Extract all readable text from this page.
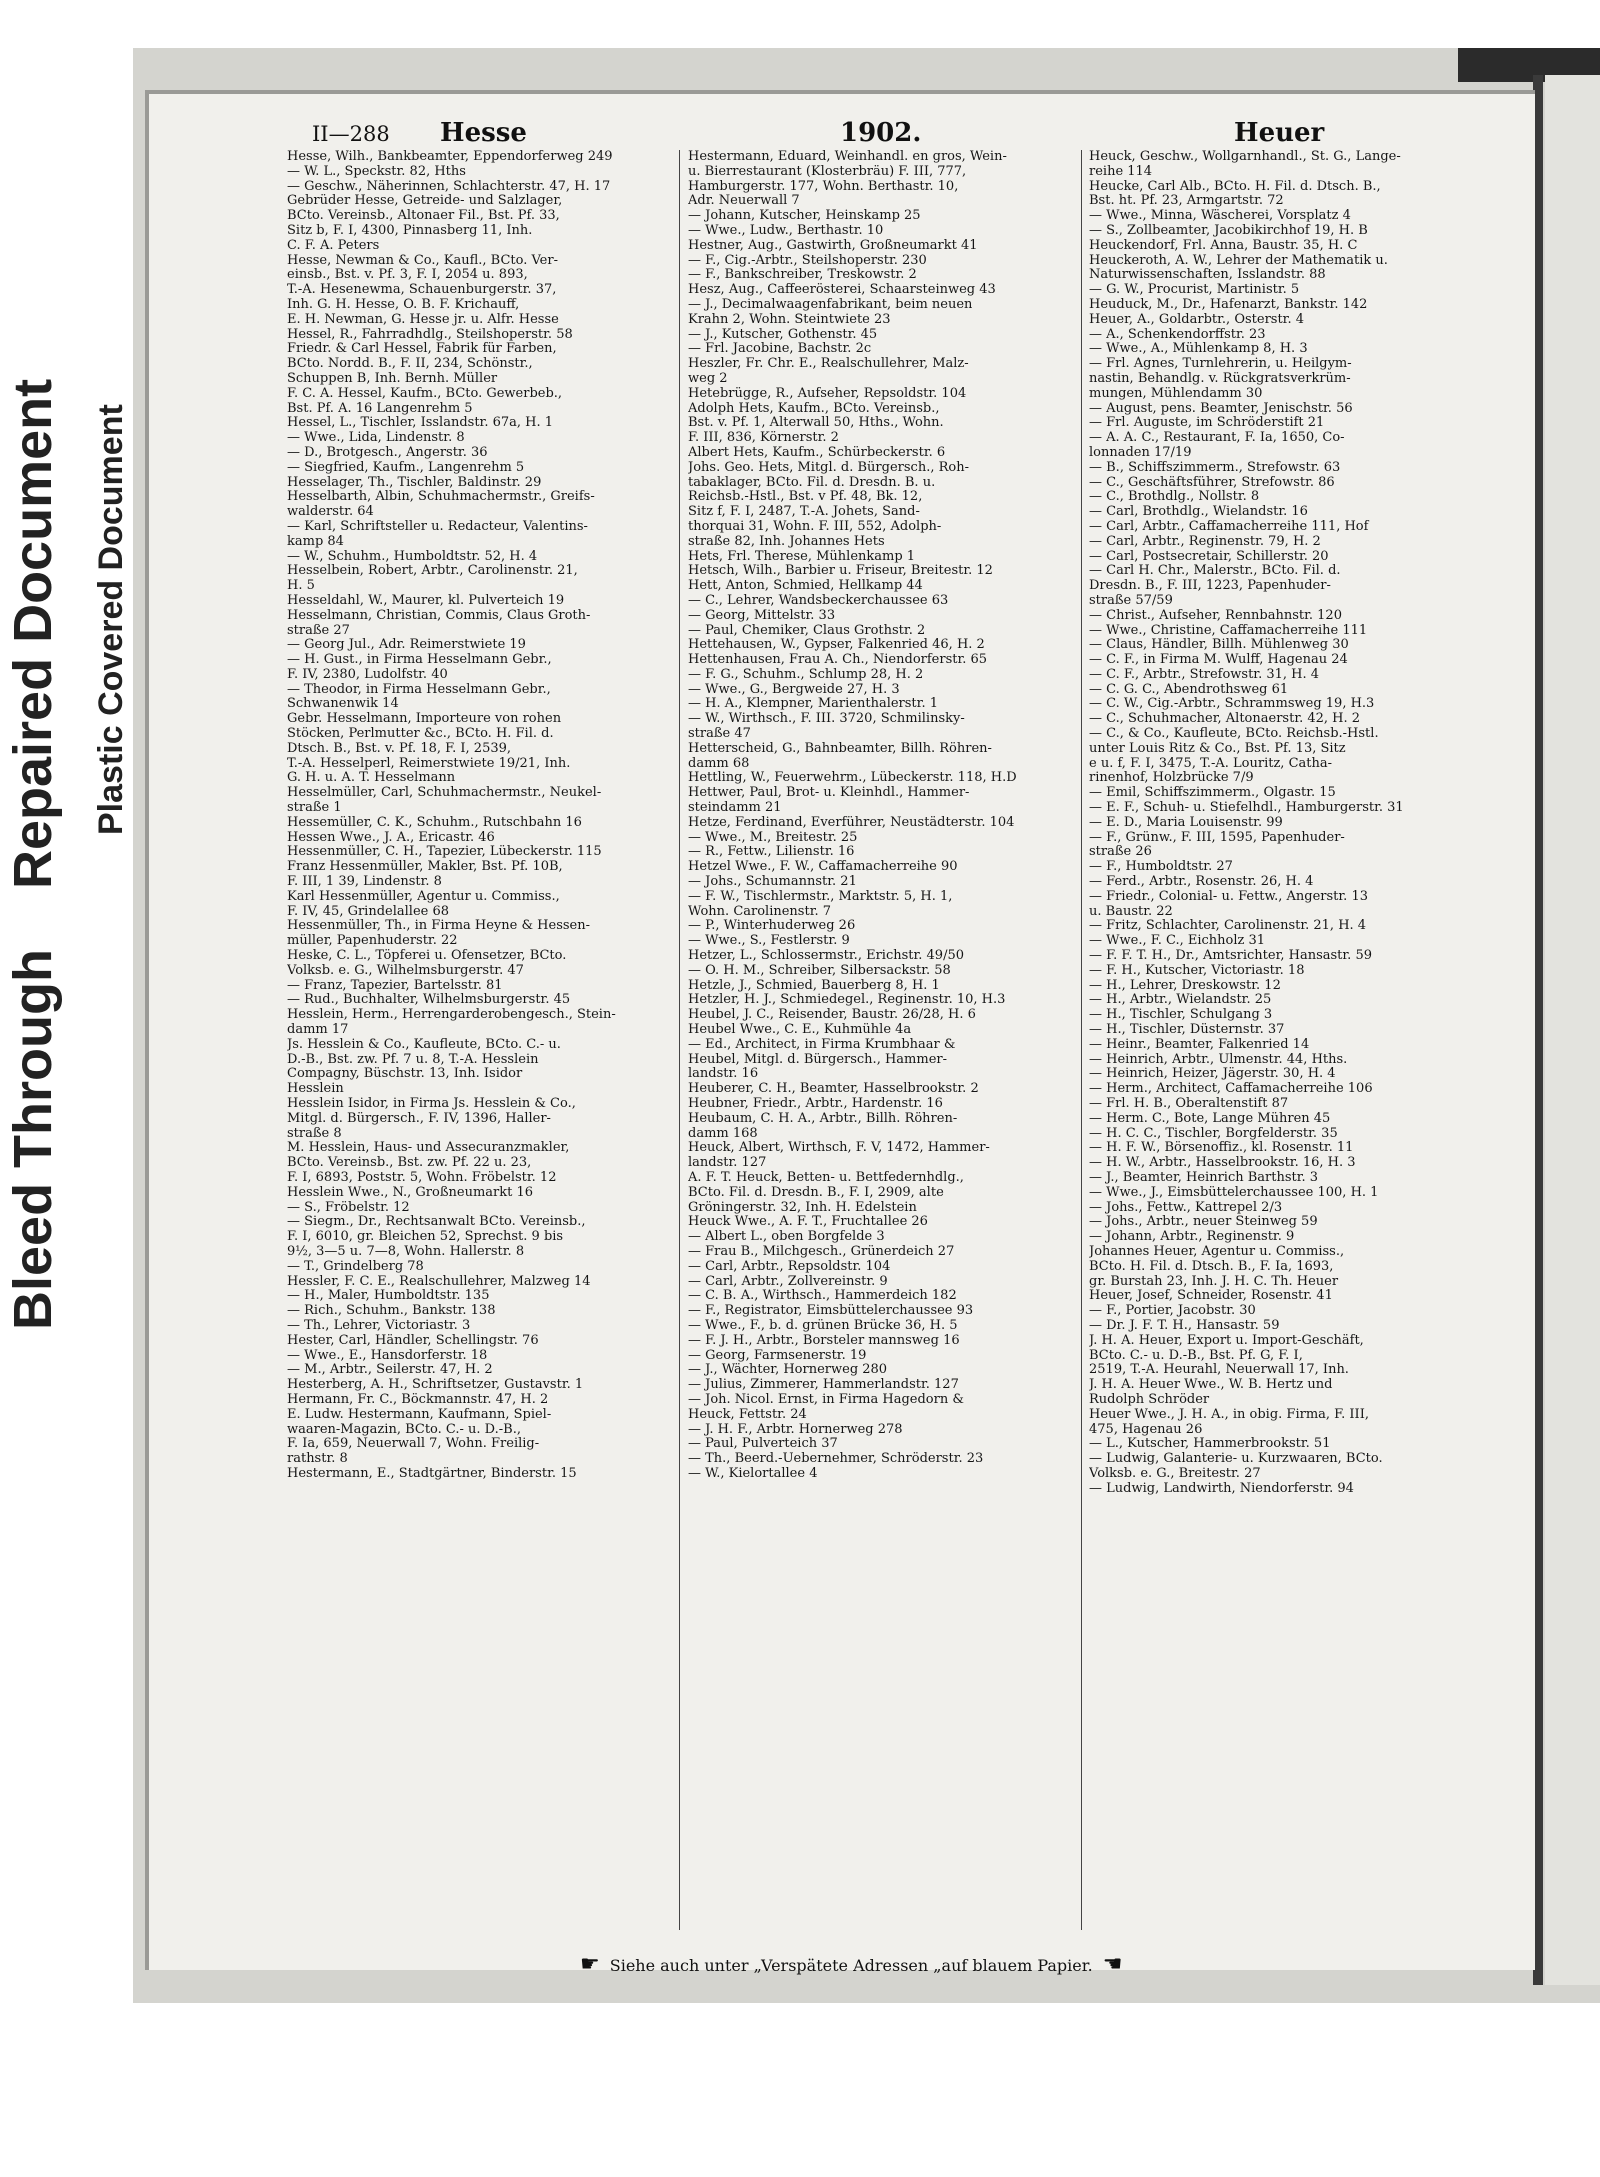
Bleed ThroughRepaired Document Plastic Covered Document
II—288 Hesse	1902.	Heuer
Hesse, Wilh., Bankbeamter, Eppendorferweg 249
— W. L., Speckstr. 82, Hths
— Geschw., Näherinnen, Schlachterstr. 47, H. 17
Gebrüder Hesse, Getreide- und Salzlager,
BCto. Vereinsb., Altonaer Fil., Bst. Pf. 33,
Sitz b, F. I, 4300, Pinnasberg 11, Inh.
C. F. A. Peters
Hesse, Newman & Co., Kaufl., BCto. Ver-
einsb., Bst. v. Pf. 3, F. I, 2054 u. 893,
T.-A. Hesenewma, Schauenburgerstr. 37,
Inh. G. H. Hesse, O. B. F. Krichauff,
E. H. Newman, G. Hesse jr. u. Alfr. Hesse
Hessel, R., Fahrradhdlg., Steilshoperstr. 58
Friedr. & Carl Hessel, Fabrik für Farben,
BCto. Nordd. B., F. II, 234, Schönstr.,
Schuppen B, Inh. Bernh. Müller
F. C. A. Hessel, Kaufm., BCto. Gewerbeb.,
Bst. Pf. A. 16 Langenrehm 5
Hessel, L., Tischler, Isslandstr. 67a, H. 1
— Wwe., Lida, Lindenstr. 8
— D., Brotgesch., Angerstr. 36
— Siegfried, Kaufm., Langenrehm 5
Hesselager, Th., Tischler, Baldinstr. 29
Hesselbarth, Albin, Schuhmachermstr., Greifs-
walderstr. 64
— Karl, Schriftsteller u. Redacteur, Valentins-
kamp 84
— W., Schuhm., Humboldtstr. 52, H. 4
Hesselbein, Robert, Arbtr., Carolinenstr. 21,
H. 5
Hesseldahl, W., Maurer, kl. Pulverteich 19
Hesselmann, Christian, Commis, Claus Groth-
straße 27
— Georg Jul., Adr. Reimerstwiete 19
— H. Gust., in Firma Hesselmann Gebr.,
F. IV, 2380, Ludolfstr. 40
— Theodor, in Firma Hesselmann Gebr.,
Schwanenwik 14
Gebr. Hesselmann, Importeure von rohen
Stöcken, Perlmutter &c., BCto. H. Fil. d.
Dtsch. B., Bst. v. Pf. 18, F. I, 2539,
T.-A. Hesselperl, Reimerstwiete 19/21, Inh.
G. H. u. A. T. Hesselmann
Hesselmüller, Carl, Schuhmachermstr., Neukel-
straße 1
Hessemüller, C. K., Schuhm., Rutschbahn 16
Hessen Wwe., J. A., Ericastr. 46
Hessenmüller, C. H., Tapezier, Lübeckerstr. 115
Franz Hessenmüller, Makler, Bst. Pf. 10B,
F. III, 1 39, Lindenstr. 8
Karl Hessenmüller, Agentur u. Commiss.,
F. IV, 45, Grindelallee 68
Hessenmüller, Th., in Firma Heyne & Hessen-
müller, Papenhuderstr. 22
Heske, C. L., Töpferei u. Ofensetzer, BCto.
Volksb. e. G., Wilhelmsburgerstr. 47
— Franz, Tapezier, Bartelsstr. 81
— Rud., Buchhalter, Wilhelmsburgerstr. 45
Hesslein, Herm., Herrengarderobengesch., Stein-
damm 17
Js. Hesslein & Co., Kaufleute, BCto. C.- u.
D.-B., Bst. zw. Pf. 7 u. 8, T.-A. Hesslein
Compagny, Büschstr. 13, Inh. Isidor
Hesslein
Hesslein Isidor, in Firma Js. Hesslein & Co.,
Mitgl. d. Bürgersch., F. IV, 1396, Haller-
straße 8
M. Hesslein, Haus- und Assecuranzmakler,
BCto. Vereinsb., Bst. zw. Pf. 22 u. 23,
F. I, 6893, Poststr. 5, Wohn. Fröbelstr. 12
Hesslein Wwe., N., Großneumarkt 16
— S., Fröbelstr. 12
— Siegm., Dr., Rechtsanwalt BCto. Vereinsb.,
F. I, 6010, gr. Bleichen 52, Sprechst. 9 bis
9½, 3—5 u. 7—8, Wohn. Hallerstr. 8
— T., Grindelberg 78
Hessler, F. C. E., Realschullehrer, Malzweg 14
— H., Maler, Humboldtstr. 135
— Rich., Schuhm., Bankstr. 138
— Th., Lehrer, Victoriastr. 3
Hester, Carl, Händler, Schellingstr. 76
— Wwe., E., Hansdorferstr. 18
— M., Arbtr., Seilerstr. 47, H. 2
Hesterberg, A. H., Schriftsetzer, Gustavstr. 1
Hermann, Fr. C., Böckmannstr. 47, H. 2
E. Ludw. Hestermann, Kaufmann, Spiel-
waaren-Magazin, BCto. C.- u. D.-B.,
F. Ia, 659, Neuerwall 7, Wohn. Freilig-
rathstr. 8
Hestermann, E., Stadtgärtner, Binderstr. 15
Hestermann, Eduard, Weinhandl. en gros, Wein-
u. Bierrestaurant (Klosterbräu) F. III, 777,
Hamburgerstr. 177, Wohn. Berthastr. 10,
Adr. Neuerwall 7
— Johann, Kutscher, Heinskamp 25
— Wwe., Ludw., Berthastr. 10
Hestner, Aug., Gastwirth, Großneumarkt 41
— F., Cig.-Arbtr., Steilshoperstr. 230
— F., Bankschreiber, Treskowstr. 2
Hesz, Aug., Caffeerösterei, Schaarsteinweg 43
— J., Decimalwaagenfabrikant, beim neuen
Krahn 2, Wohn. Steintwiete 23
— J., Kutscher, Gothenstr. 45
— Frl. Jacobine, Bachstr. 2c
Heszler, Fr. Chr. E., Realschullehrer, Malz-
weg 2
Hetebrügge, R., Aufseher, Repsoldstr. 104
Adolph Hets, Kaufm., BCto. Vereinsb.,
Bst. v. Pf. 1, Alterwall 50, Hths., Wohn.
F. III, 836, Körnerstr. 2
Albert Hets, Kaufm., Schürbeckerstr. 6
Johs. Geo. Hets, Mitgl. d. Bürgersch., Roh-
tabaklager, BCto. Fil. d. Dresdn. B. u.
Reichsb.-Hstl., Bst. v Pf. 48, Bk. 12,
Sitz f, F. I, 2487, T.-A. Johets, Sand-
thorquai 31, Wohn. F. III, 552, Adolph-
straße 82, Inh. Johannes Hets
Hets, Frl. Therese, Mühlenkamp 1
Hetsch, Wilh., Barbier u. Friseur, Breitestr. 12
Hett, Anton, Schmied, Hellkamp 44
— C., Lehrer, Wandsbeckerchaussee 63
— Georg, Mittelstr. 33
— Paul, Chemiker, Claus Grothstr. 2
Hettehausen, W., Gypser, Falkenried 46, H. 2
Hettenhausen, Frau A. Ch., Niendorferstr. 65
— F. G., Schuhm., Schlump 28, H. 2
— Wwe., G., Bergweide 27, H. 3
— H. A., Klempner, Marienthalerstr. 1
— W., Wirthsch., F. III. 3720, Schmilinsky-
straße 47
Hetterscheid, G., Bahnbeamter, Billh. Röhren-
damm 68
Hettling, W., Feuerwehrm., Lübeckerstr. 118, H.D
Hettwer, Paul, Brot- u. Kleinhdl., Hammer-
steindamm 21
Hetze, Ferdinand, Everführer, Neustädterstr. 104
— Wwe., M., Breitestr. 25
— R., Fettw., Lilienstr. 16
Hetzel Wwe., F. W., Caffamacherreihe 90
— Johs., Schumannstr. 21
— F. W., Tischlermstr., Marktstr. 5, H. 1,
Wohn. Carolinenstr. 7
— P., Winterhuderweg 26
— Wwe., S., Festlerstr. 9
Hetzer, L., Schlossermstr., Erichstr. 49/50
— O. H. M., Schreiber, Silbersackstr. 58
Hetzle, J., Schmied, Bauerberg 8, H. 1
Hetzler, H. J., Schmiedegel., Reginenstr. 10, H.3
Heubel, J. C., Reisender, Baustr. 26/28, H. 6
Heubel Wwe., C. E., Kuhmühle 4a
— Ed., Architect, in Firma Krumbhaar &
Heubel, Mitgl. d. Bürgersch., Hammer-
landstr. 16
Heuberer, C. H., Beamter, Hasselbrookstr. 2
Heubner, Friedr., Arbtr., Hardenstr. 16
Heubaum, C. H. A., Arbtr., Billh. Röhren-
damm 168
Heuck, Albert, Wirthsch, F. V, 1472, Hammer-
landstr. 127
A. F. T. Heuck, Betten- u. Bettfedernhdlg.,
BCto. Fil. d. Dresdn. B., F. I, 2909, alte
Gröningerstr. 32, Inh. H. Edelstein
Heuck Wwe., A. F. T., Fruchtallee 26
— Albert L., oben Borgfelde 3
— Frau B., Milchgesch., Grünerdeich 27
— Carl, Arbtr., Repsoldstr. 104
— Carl, Arbtr., Zollvereinstr. 9
— C. B. A., Wirthsch., Hammerdeich 182
— F., Registrator, Eimsbüttelerchaussee 93
— Wwe., F., b. d. grünen Brücke 36, H. 5
— F. J. H., Arbtr., Borsteler mannsweg 16
— Georg, Farmsenerstr. 19
— J., Wächter, Hornerweg 280
— Julius, Zimmerer, Hammerlandstr. 127
— Joh. Nicol. Ernst, in Firma Hagedorn &
Heuck, Fettstr. 24
— J. H. F., Arbtr. Hornerweg 278
— Paul, Pulverteich 37
— Th., Beerd.-Uebernehmer, Schröderstr. 23
— W., Kielortallee 4
Heuck, Geschw., Wollgarnhandl., St. G., Lange-
reihe 114
Heucke, Carl Alb., BCto. H. Fil. d. Dtsch. B.,
Bst. ht. Pf. 23, Armgartstr. 72
— Wwe., Minna, Wäscherei, Vorsplatz 4
— S., Zollbeamter, Jacobikirchhof 19, H. B
Heuckendorf, Frl. Anna, Baustr. 35, H. C
Heuckeroth, A. W., Lehrer der Mathematik u.
Naturwissenschaften, Isslandstr. 88
— G. W., Procurist, Martinistr. 5
Heuduck, M., Dr., Hafenarzt, Bankstr. 142
Heuer, A., Goldarbtr., Osterstr. 4
— A., Schenkendorffstr. 23
— Wwe., A., Mühlenkamp 8, H. 3
— Frl. Agnes, Turnlehrerin, u. Heilgym-
nastin, Behandlg. v. Rückgratsverkrüm-
mungen, Mühlendamm 30
— August, pens. Beamter, Jenischstr. 56
— Frl. Auguste, im Schröderstift 21
— A. A. C., Restaurant, F. Ia, 1650, Co-
lonnaden 17/19
— B., Schiffszimmerm., Strefowstr. 63
— C., Geschäftsführer, Strefowstr. 86
— C., Brothdlg., Nollstr. 8
— Carl, Brothdlg., Wielandstr. 16
— Carl, Arbtr., Caffamacherreihe 111, Hof
— Carl, Arbtr., Reginenstr. 79, H. 2
— Carl, Postsecretair, Schillerstr. 20
— Carl H. Chr., Malerstr., BCto. Fil. d.
Dresdn. B., F. III, 1223, Papenhuder-
straße 57/59
— Christ., Aufseher, Rennbahnstr. 120
— Wwe., Christine, Caffamacherreihe 111
— Claus, Händler, Billh. Mühlenweg 30
— C. F., in Firma M. Wulff, Hagenau 24
— C. F., Arbtr., Strefowstr. 31, H. 4
— C. G. C., Abendrothsweg 61
— C. W., Cig.-Arbtr., Schrammsweg 19, H.3
— C., Schuhmacher, Altonaerstr. 42, H. 2
— C., & Co., Kaufleute, BCto. Reichsb.-Hstl.
unter Louis Ritz & Co., Bst. Pf. 13, Sitz
e u. f, F. I, 3475, T.-A. Louritz, Catha-
rinenhof, Holzbrücke 7/9
— Emil, Schiffszimmerm., Olgastr. 15
— E. F., Schuh- u. Stiefelhdl., Hamburgerstr. 31
— E. D., Maria Louisenstr. 99
— F., Grünw., F. III, 1595, Papenhuder-
straße 26
— F., Humboldtstr. 27
— Ferd., Arbtr., Rosenstr. 26, H. 4
— Friedr., Colonial- u. Fettw., Angerstr. 13
u. Baustr. 22
— Fritz, Schlachter, Carolinenstr. 21, H. 4
— Wwe., F. C., Eichholz 31
— F. F. T. H., Dr., Amtsrichter, Hansastr. 59
— F. H., Kutscher, Victoriastr. 18
— H., Lehrer, Dreskowstr. 12
— H., Arbtr., Wielandstr. 25
— H., Tischler, Schulgang 3
— H., Tischler, Düsternstr. 37
— Heinr., Beamter, Falkenried 14
— Heinrich, Arbtr., Ulmenstr. 44, Hths.
— Heinrich, Heizer, Jägerstr. 30, H. 4
— Herm., Architect, Caffamacherreihe 106
— Frl. H. B., Oberaltenstift 87
— Herm. C., Bote, Lange Mühren 45
— H. C. C., Tischler, Borgfelderstr. 35
— H. F. W., Börsenoffiz., kl. Rosenstr. 11
— H. W., Arbtr., Hasselbrookstr. 16, H. 3
— J., Beamter, Heinrich Barthstr. 3
— Wwe., J., Eimsbüttelerchaussee 100, H. 1
— Johs., Fettw., Kattrepel 2/3
— Johs., Arbtr., neuer Steinweg 59
— Johann, Arbtr., Reginenstr. 9
Johannes Heuer, Agentur u. Commiss.,
BCto. H. Fil. d. Dtsch. B., F. Ia, 1693,
gr. Burstah 23, Inh. J. H. C. Th. Heuer
Heuer, Josef, Schneider, Rosenstr. 41
— F., Portier, Jacobstr. 30
— Dr. J. F. T. H., Hansastr. 59
J. H. A. Heuer, Export u. Import-Geschäft,
BCto. C.- u. D.-B., Bst. Pf. G, F. I,
2519, T.-A. Heurahl, Neuerwall 17, Inh.
J. H. A. Heuer Wwe., W. B. Hertz und
Rudolph Schröder
Heuer Wwe., J. H. A., in obig. Firma, F. III,
475, Hagenau 26
— L., Kutscher, Hammerbrookstr. 51
— Ludwig, Galanterie- u. Kurzwaaren, BCto.
Volksb. e. G., Breitestr. 27
— Ludwig, Landwirth, Niendorferstr. 94
☛ Siehe auch unter „Verspätete Adressen „auf blauem Papier. ☚
